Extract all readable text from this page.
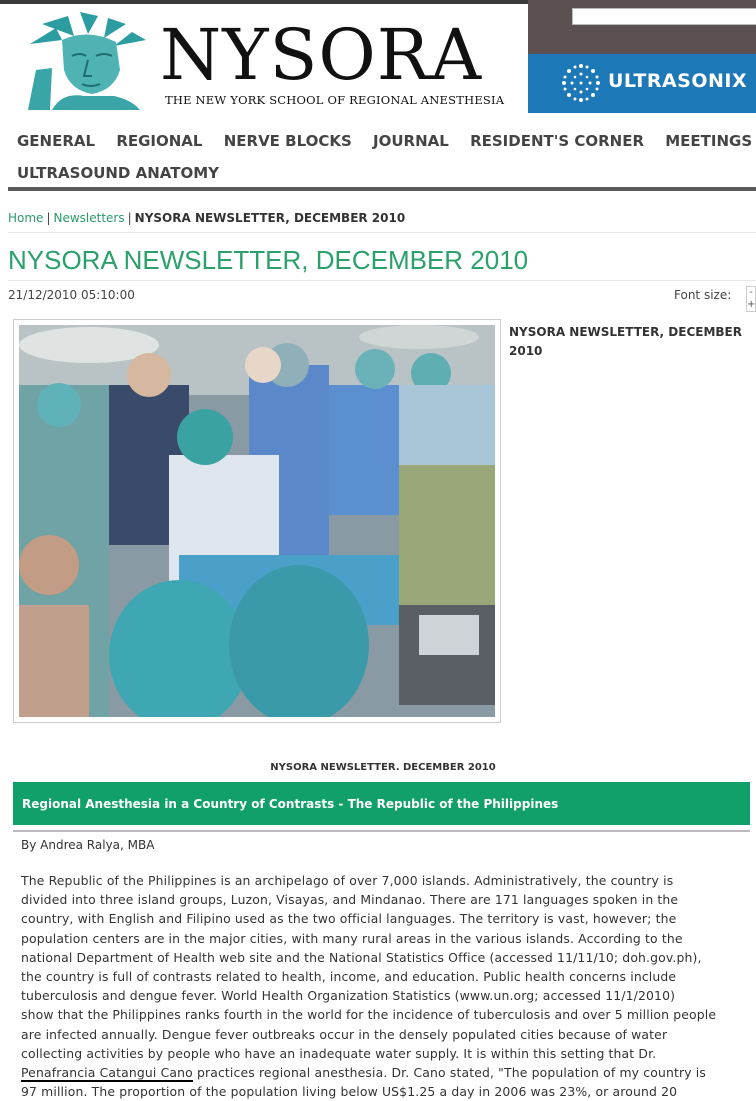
NYSORA
THE NEW YORK SCHOOL OF REGIONAL ANESTHESIA
ULTRASONIX
GENERAL REGIONAL NERVE BLOCKS JOURNAL RESIDENT'S CORNER MEETINGS
ULTRASOUND ANATOMY
Home | Newsletters | NYSORA NEWSLETTER, DECEMBER 2010
NYSORA NEWSLETTER, DECEMBER 2010
21/12/2010 05:10:00	Font size: -
+
NYSORA NEWSLETTER, DECEMBER 2010
NYSORA NEWSLETTER. DECEMBER 2010
Regional Anesthesia in a Country of Contrasts - The Republic of the Philippines
By Andrea Ralya, MBA
The Republic of the Philippines is an archipelago of over 7,000 islands. Administratively, the country is
divided into three island groups, Luzon, Visayas, and Mindanao. There are 171 languages spoken in the
country, with English and Filipino used as the two official languages. The territory is vast, however; the
population centers are in the major cities, with many rural areas in the various islands. According to the
national Department of Health web site and the National Statistics Office (accessed 11/11/10; doh.gov.ph),
the country is full of contrasts related to health, income, and education. Public health concerns include
tuberculosis and dengue fever. World Health Organization Statistics (www.un.org; accessed 11/1/2010)
show that the Philippines ranks fourth in the world for the incidence of tuberculosis and over 5 million people
are infected annually. Dengue fever outbreaks occur in the densely populated cities because of water
collecting activities by people who have an inadequate water supply. It is within this setting that Dr.
Penafrancia Catangui Cano practices regional anesthesia. Dr. Cano stated, "The population of my country is
97 million. The proportion of the population living below US$1.25 a day in 2006 was 23%, or around 20
